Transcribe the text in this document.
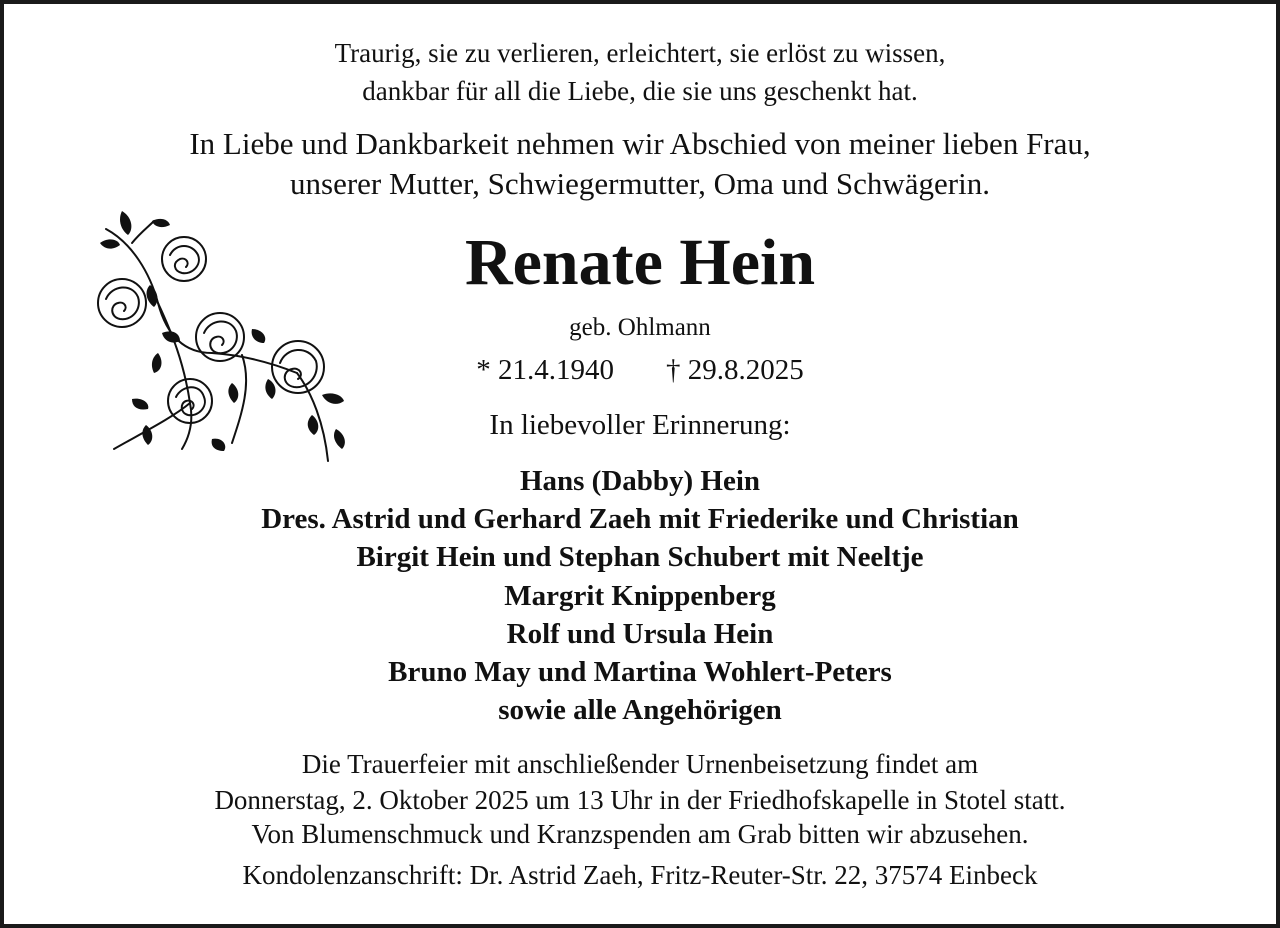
Traurig, sie zu verlieren, erleichtert, sie erlöst zu wissen,
dankbar für all die Liebe, die sie uns geschenkt hat.
In Liebe und Dankbarkeit nehmen wir Abschied von meiner lieben Frau,
unserer Mutter, Schwiegermutter, Oma und Schwägerin.
Renate Hein
geb. Ohlmann
* 21.4.1940 † 29.8.2025
In liebevoller Erinnerung:
Hans (Dabby) Hein
Dres. Astrid und Gerhard Zaeh mit Friederike und Christian
Birgit Hein und Stephan Schubert mit Neeltje
Margrit Knippenberg
Rolf und Ursula Hein
Bruno May und Martina Wohlert-Peters
sowie alle Angehörigen
Die Trauerfeier mit anschließender Urnenbeisetzung findet am
Donnerstag, 2. Oktober 2025 um 13 Uhr in der Friedhofskapelle in Stotel statt.
Von Blumenschmuck und Kranzspenden am Grab bitten wir abzusehen.
Kondolenzanschrift: Dr. Astrid Zaeh, Fritz-Reuter-Str. 22, 37574 Einbeck
